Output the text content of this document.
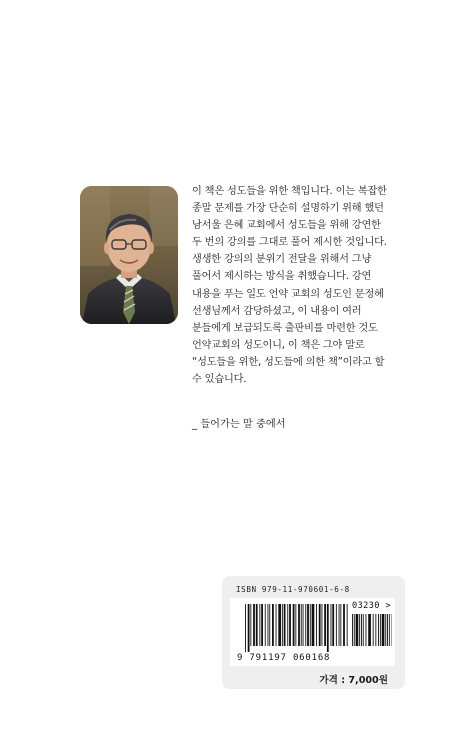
이 책은 성도들을 위한 책입니다. 이는 복잡한
종말 문제를 가장 단순히 설명하기 위해 했던
남서울 은혜 교회에서 성도들을 위해 강연한
두 번의 강의를 그대로 풀어 제시한 것입니다.
생생한 강의의 분위기 전달을 위해서 그냥
풀어서 제시하는 방식을 취했습니다. 강연
내용을 푸는 일도 언약 교회의 성도인 문정혜
선생님께서 감당하셨고, 이 내용이 여러
분들에게 보급되도록 출판비를 마련한 것도
언약교회의 성도이니, 이 책은 그야 말로
“성도들을 위한, 성도들에 의한 책”이라고 할
수 있습니다.
_ 들어가는 말 중에서
ISBN 979-11-970601-6-8
03230 >
9 791197 060168
가격 : 7,000원
